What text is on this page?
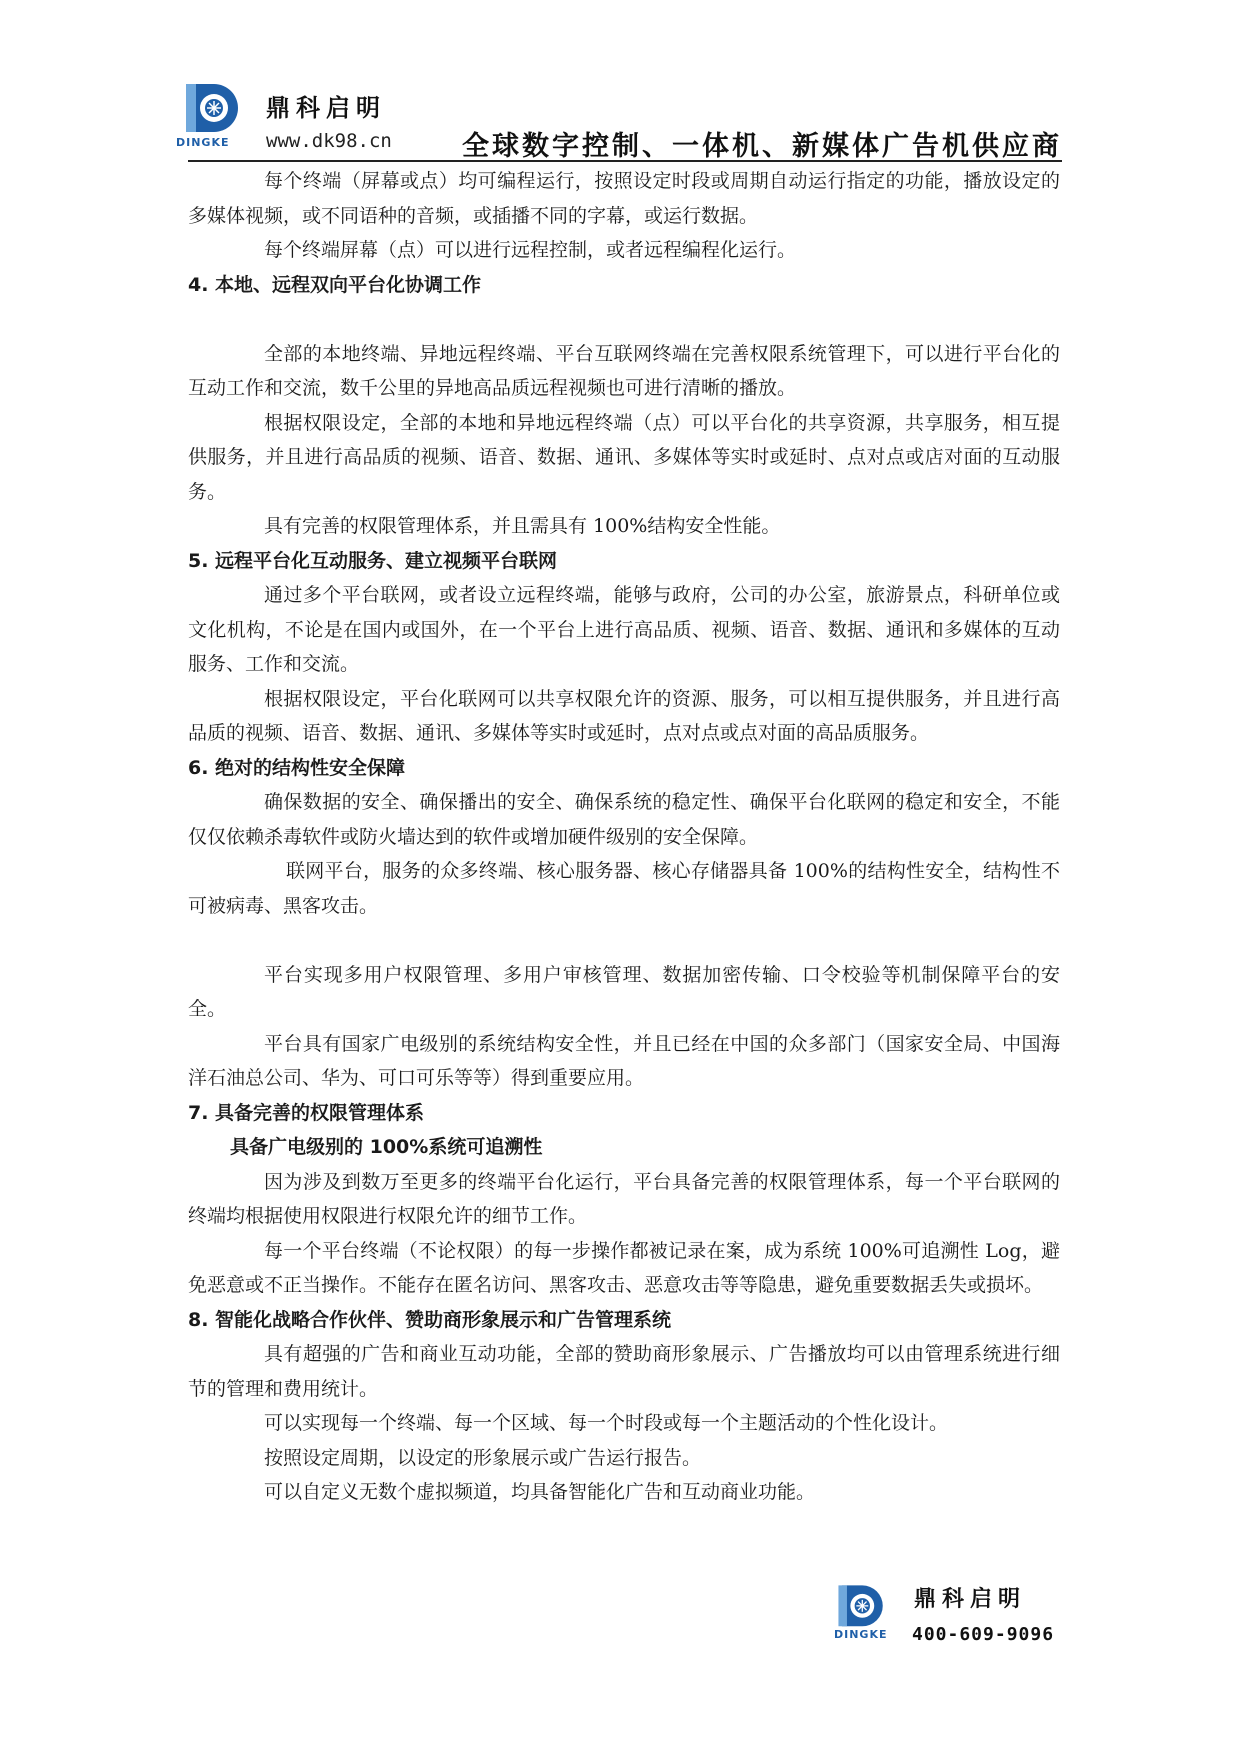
DINGKE
鼎科启明
www.dk98.cn	全球数字控制、一体机、新媒体广告机供应商

每个终端（屏幕或点）均可编程运行，按照设定时段或周期自动运行指定的功能，播放设定的多媒体视频，或不同语种的音频，或插播不同的字幕，或运行数据。

每个终端屏幕（点）可以进行远程控制，或者远程编程化运行。

4. 本地、远程双向平台化协调工作

全部的本地终端、异地远程终端、平台互联网终端在完善权限系统管理下，可以进行平台化的互动工作和交流，数千公里的异地高品质远程视频也可进行清晰的播放。

根据权限设定，全部的本地和异地远程终端（点）可以平台化的共享资源，共享服务，相互提供服务，并且进行高品质的视频、语音、数据、通讯、多媒体等实时或延时、点对点或店对面的互动服务。

具有完善的权限管理体系，并且需具有 100%结构安全性能。

5. 远程平台化互动服务、建立视频平台联网

通过多个平台联网，或者设立远程终端，能够与政府，公司的办公室，旅游景点，科研单位或文化机构，不论是在国内或国外，在一个平台上进行高品质、视频、语音、数据、通讯和多媒体的互动服务、工作和交流。

根据权限设定，平台化联网可以共享权限允许的资源、服务，可以相互提供服务，并且进行高品质的视频、语音、数据、通讯、多媒体等实时或延时，点对点或点对面的高品质服务。

6. 绝对的结构性安全保障

确保数据的安全、确保播出的安全、确保系统的稳定性、确保平台化联网的稳定和安全，不能仅仅依赖杀毒软件或防火墙达到的软件或增加硬件级别的安全保障。

联网平台，服务的众多终端、核心服务器、核心存储器具备 100%的结构性安全，结构性不可被病毒、黑客攻击。

平台实现多用户权限管理、多用户审核管理、数据加密传输、口令校验等机制保障平台的安全。

平台具有国家广电级别的系统结构安全性，并且已经在中国的众多部门（国家安全局、中国海洋石油总公司、华为、可口可乐等等）得到重要应用。

7. 具备完善的权限管理体系

具备广电级别的 100%系统可追溯性

因为涉及到数万至更多的终端平台化运行，平台具备完善的权限管理体系，每一个平台联网的终端均根据使用权限进行权限允许的细节工作。

每一个平台终端（不论权限）的每一步操作都被记录在案，成为系统 100%可追溯性 Log，避免恶意或不正当操作。不能存在匿名访问、黑客攻击、恶意攻击等等隐患，避免重要数据丢失或损坏。

8. 智能化战略合作伙伴、赞助商形象展示和广告管理系统

具有超强的广告和商业互动功能，全部的赞助商形象展示、广告播放均可以由管理系统进行细节的管理和费用统计。

可以实现每一个终端、每一个区域、每一个时段或每一个主题活动的个性化设计。

按照设定周期，以设定的形象展示或广告运行报告。

可以自定义无数个虚拟频道，均具备智能化广告和互动商业功能。

鼎科启明
DINGKE 400-609-9096
